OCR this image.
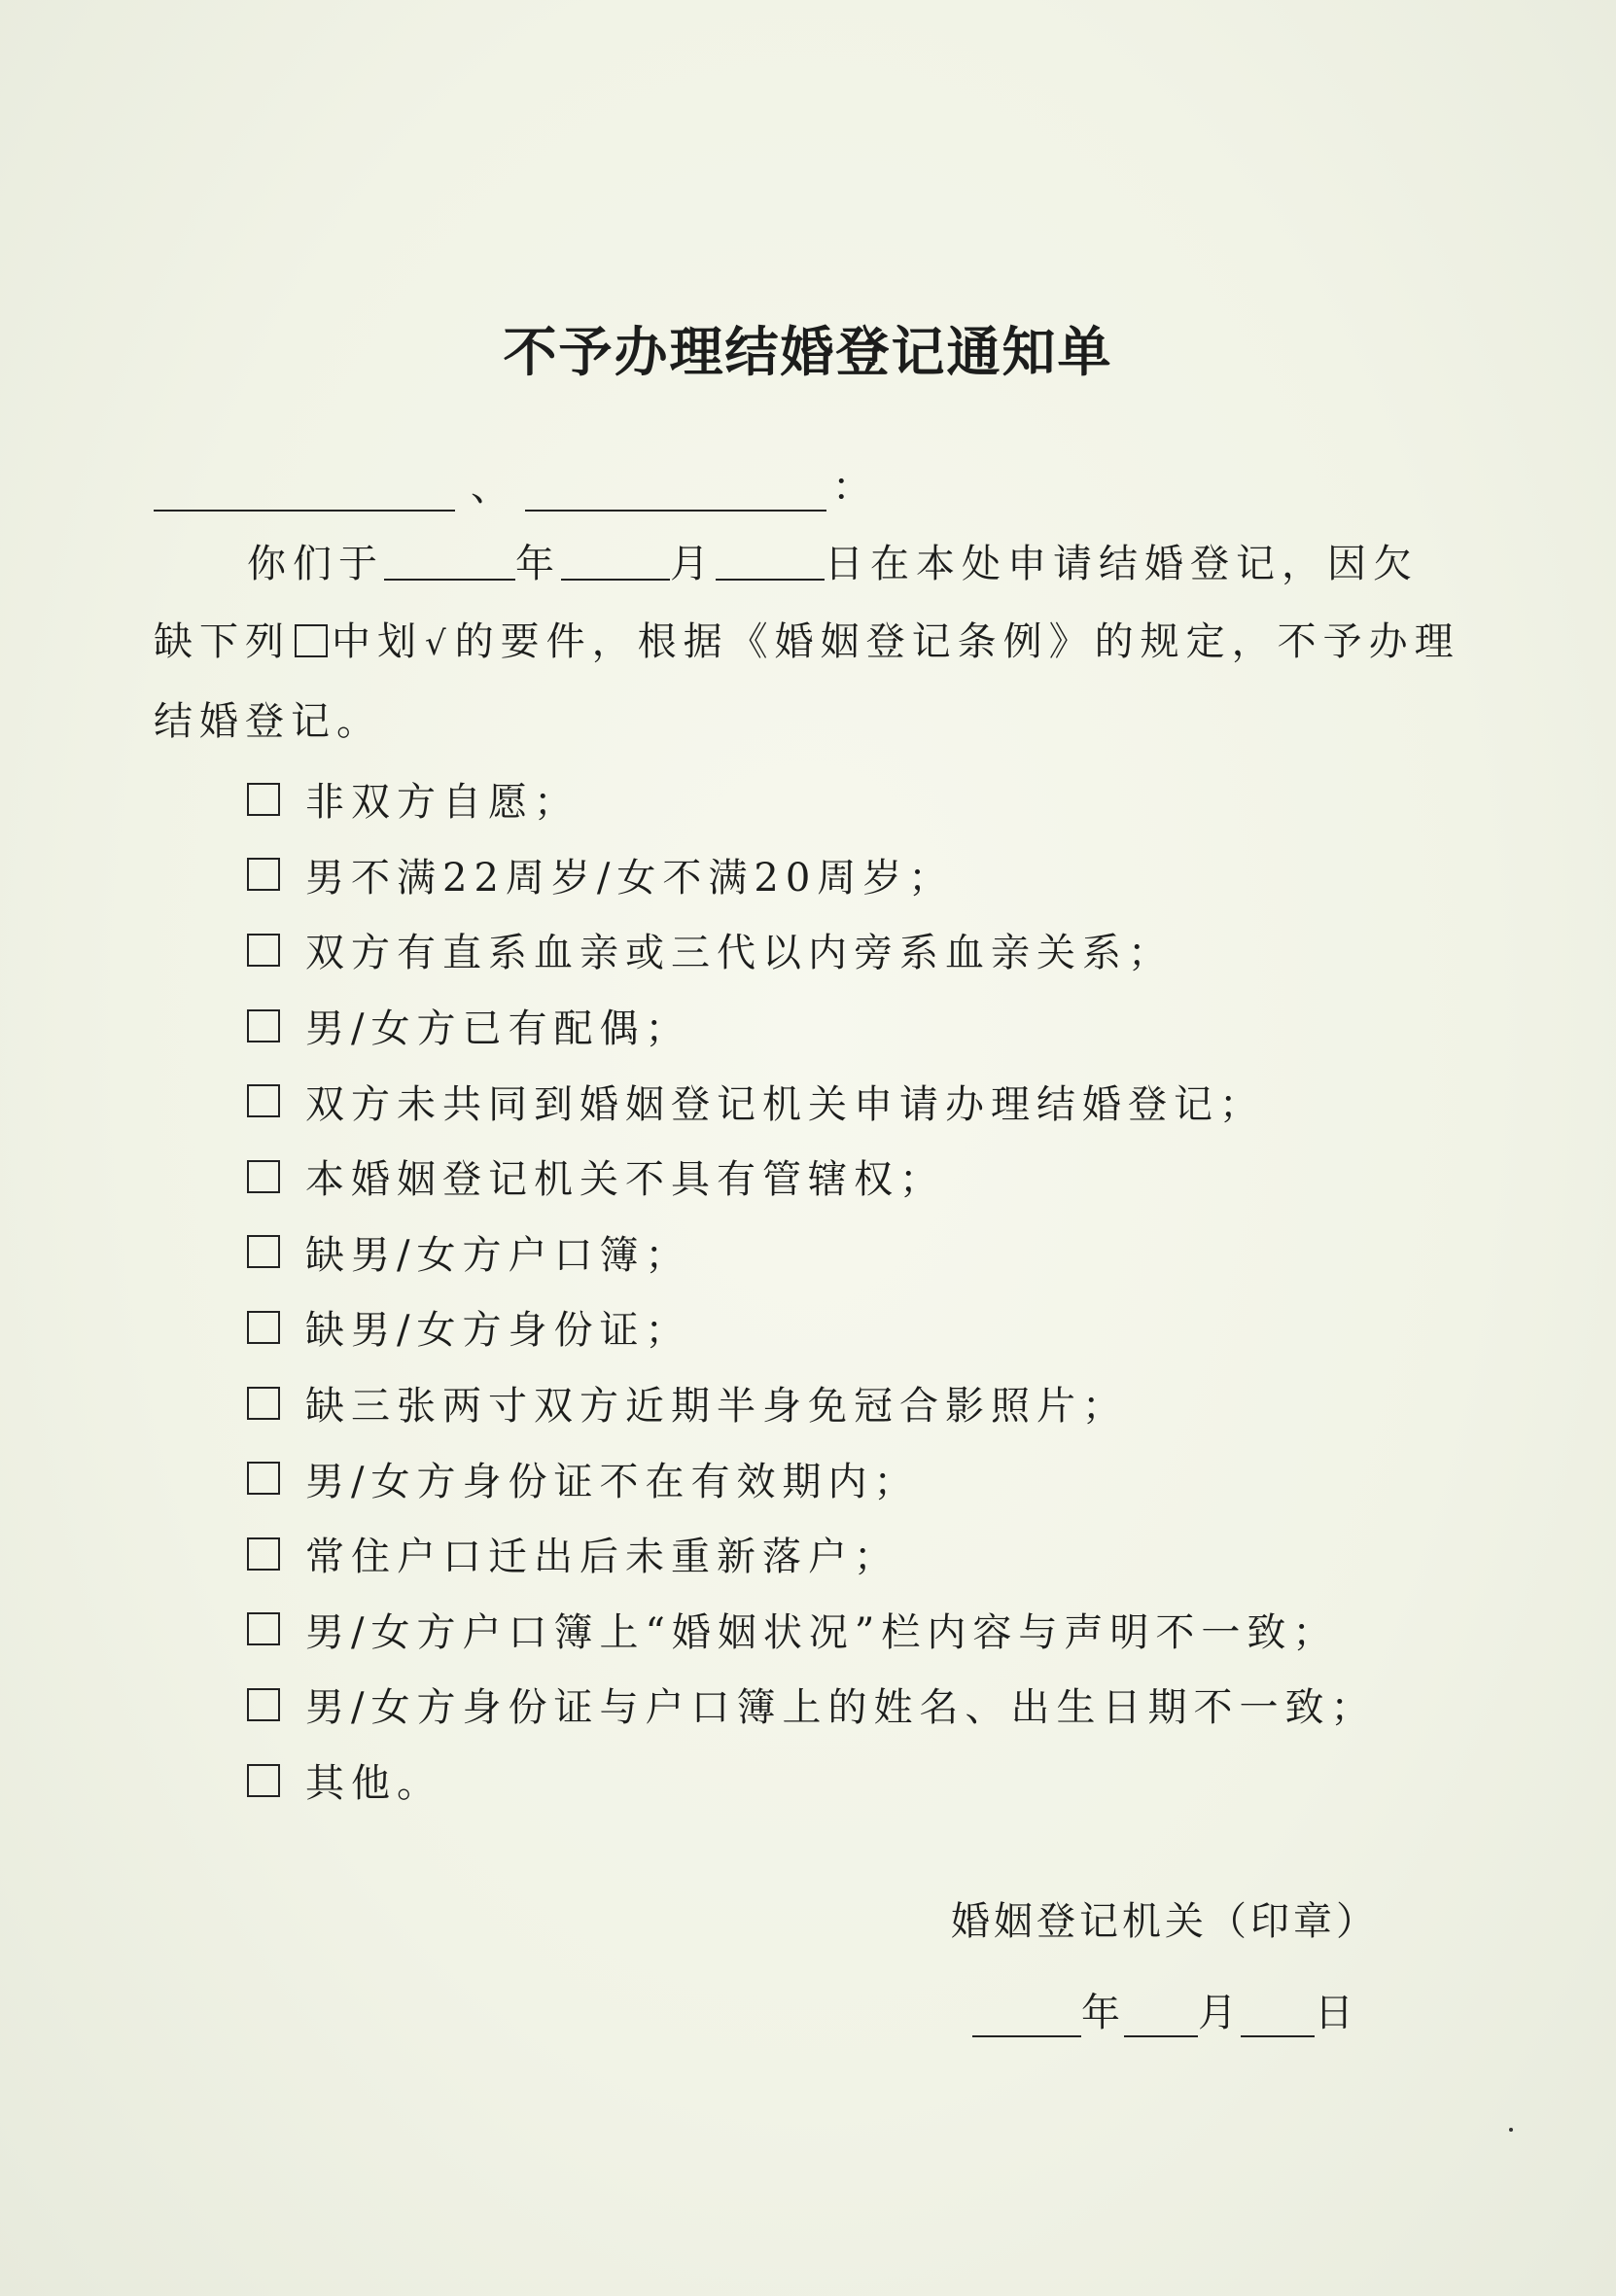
不予办理结婚登记通知单
、	：
你们于	年	月	日在本处申请结婚登记，因欠
缺下列 中划√的要件，根据《婚姻登记条例》的规定，不予办理
结婚登记。
非双方自愿；
男不满22周岁/女不满20周岁；
双方有直系血亲或三代以内旁系血亲关系；
男/女方已有配偶；
双方未共同到婚姻登记机关申请办理结婚登记；
本婚姻登记机关不具有管辖权；
缺男/女方户口簿；
缺男/女方身份证；
缺三张两寸双方近期半身免冠合影照片；
男/女方身份证不在有效期内；
常住户口迁出后未重新落户；
男/女方户口簿上“婚姻状况”栏内容与声明不一致；
男/女方身份证与户口簿上的姓名、出生日期不一致；
其他。
婚姻登记机关（印章）
年 月 日
